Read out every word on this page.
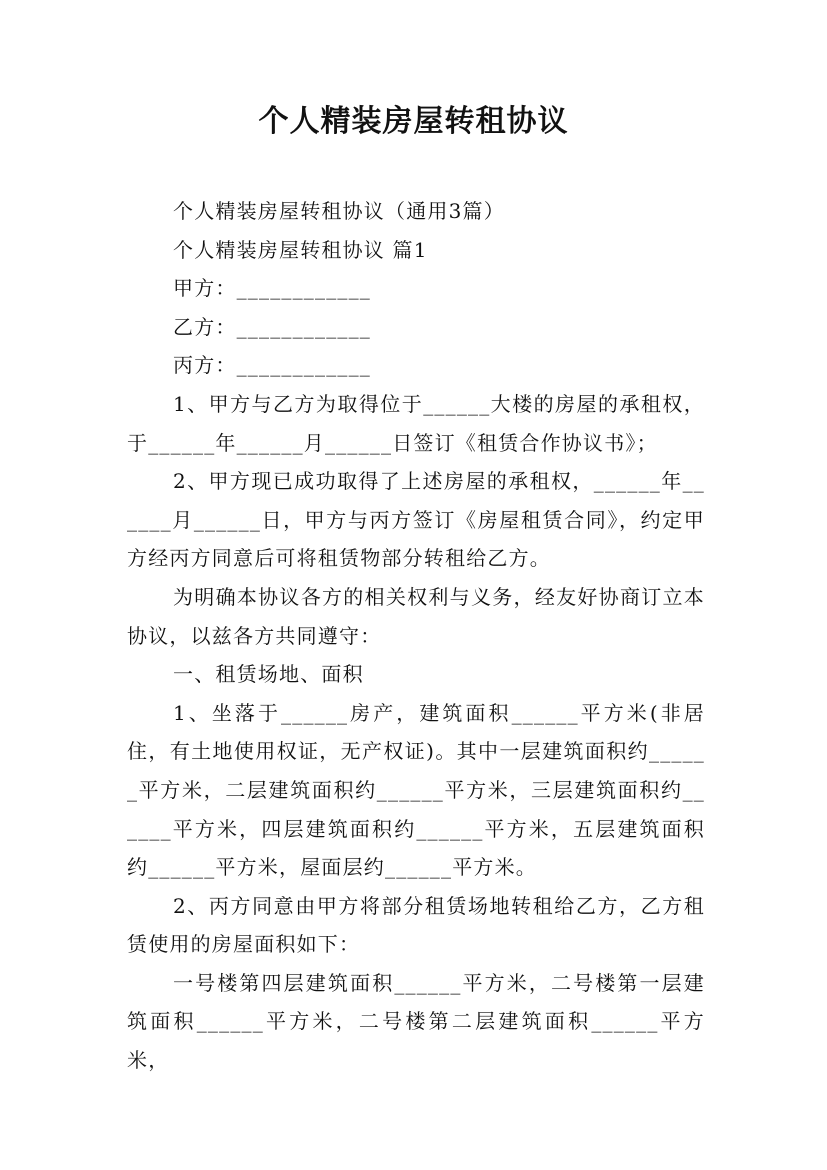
个人精装房屋转租协议

个人精装房屋转租协议（通用3篇）

个人精装房屋转租协议 篇1

甲方：____________

乙方：____________

丙方：____________

1、甲方与乙方为取得位于______大楼的房屋的承租权，于______年______月______日签订《租赁合作协议书》；

2、甲方现已成功取得了上述房屋的承租权，______年______月______日，甲方与丙方签订《房屋租赁合同》，约定甲方经丙方同意后可将租赁物部分转租给乙方。

为明确本协议各方的相关权利与义务，经友好协商订立本协议，以兹各方共同遵守：

一、租赁场地、面积

1、坐落于______房产，建筑面积______平方米(非居住，有土地使用权证，无产权证)。其中一层建筑面积约______平方米，二层建筑面积约______平方米，三层建筑面积约______平方米，四层建筑面积约______平方米，五层建筑面积约______平方米，屋面层约______平方米。

2、丙方同意由甲方将部分租赁场地转租给乙方，乙方租赁使用的房屋面积如下：

一号楼第四层建筑面积______平方米，二号楼第一层建筑面积______平方米，二号楼第二层建筑面积______平方米，
